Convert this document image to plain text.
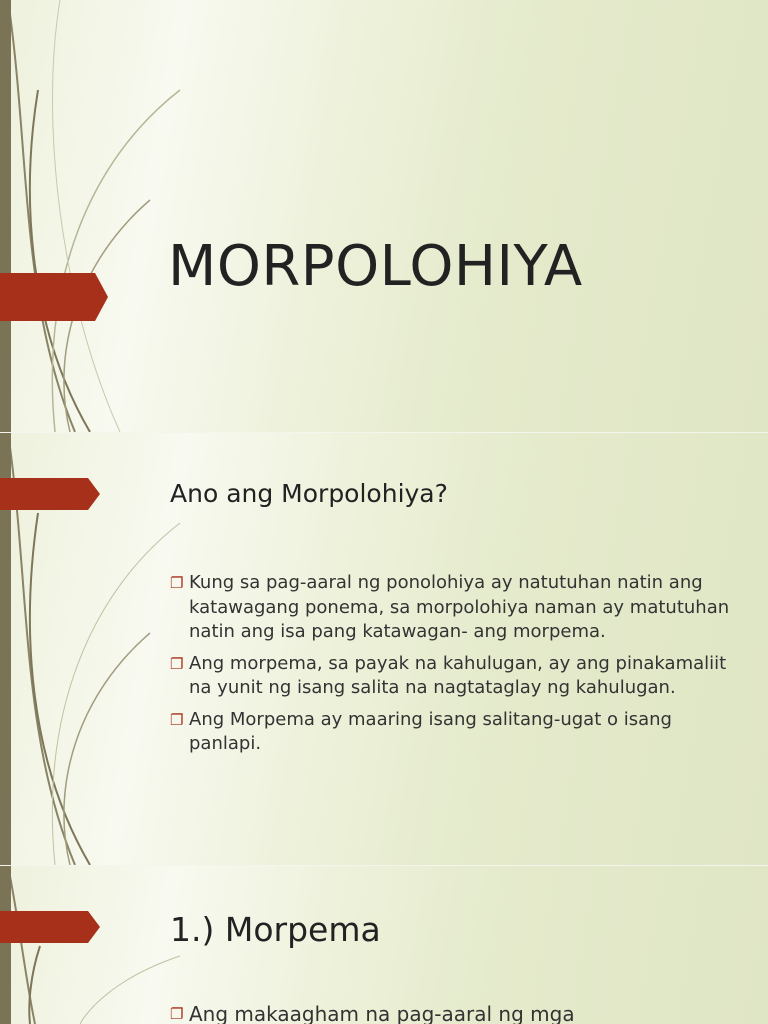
MORPOLOHIYA
Ano ang Morpolohiya?
❐ Kung sa pag-aaral ng ponolohiya ay natutuhan natin ang katawagang ponema, sa morpolohiya naman ay matutuhan natin ang isa pang katawagan- ang morpema.
❐ Ang morpema, sa payak na kahulugan, ay ang pinakamaliit na yunit ng isang salita na nagtataglay ng kahulugan.
❐ Ang Morpema ay maaring isang salitang-ugat o isang panlapi.
1.) Morpema
❐ Ang makaagham na pag-aaral ng mga
